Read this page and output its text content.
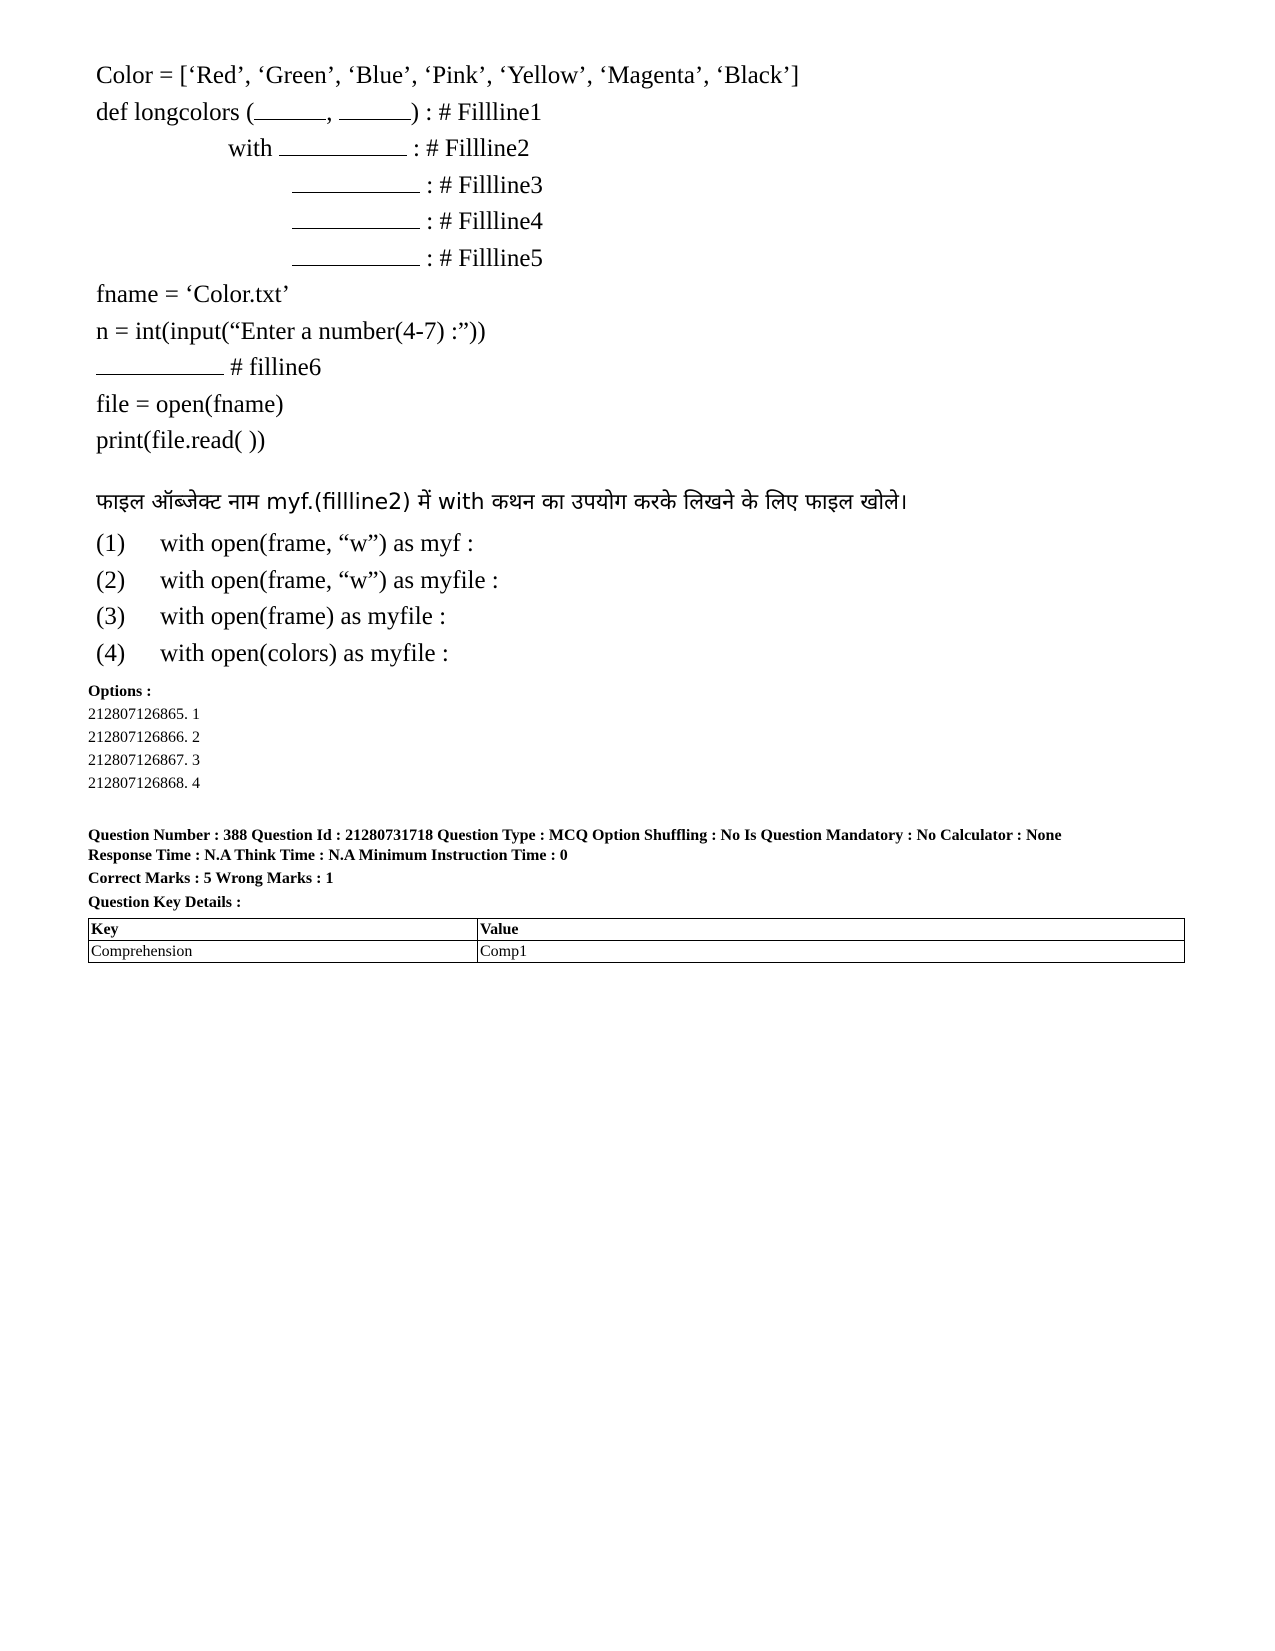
Color = [‘Red’, ‘Green’, ‘Blue’, ‘Pink’, ‘Yellow’, ‘Magenta’, ‘Black’]
def longcolors (	,	) : # Fillline1
with	: # Fillline2
: # Fillline3
: # Fillline4
: # Fillline5
fname = ‘Color.txt’
n = int(input(“Enter a number(4-7) :”))
# filline6
file = open(fname)
print(file.read( ))
फाइल ऑब्जेक्ट नाम myf.(fillline2) में with कथन का उपयोग करके लिखने के लिए फाइल खोले।
(1) with open(frame, “w”) as myf :
(2) with open(frame, “w”) as myfile :
(3) with open(frame) as myfile :
(4) with open(colors) as myfile :
Options :
212807126865. 1
212807126866. 2
212807126867. 3
212807126868. 4
Question Number : 388 Question Id : 21280731718 Question Type : MCQ Option Shuffling : No Is Question Mandatory : No Calculator : None
Response Time : N.A Think Time : N.A Minimum Instruction Time : 0
Correct Marks : 5 Wrong Marks : 1
Question Key Details :
Key	Value
Comprehension	Comp1
